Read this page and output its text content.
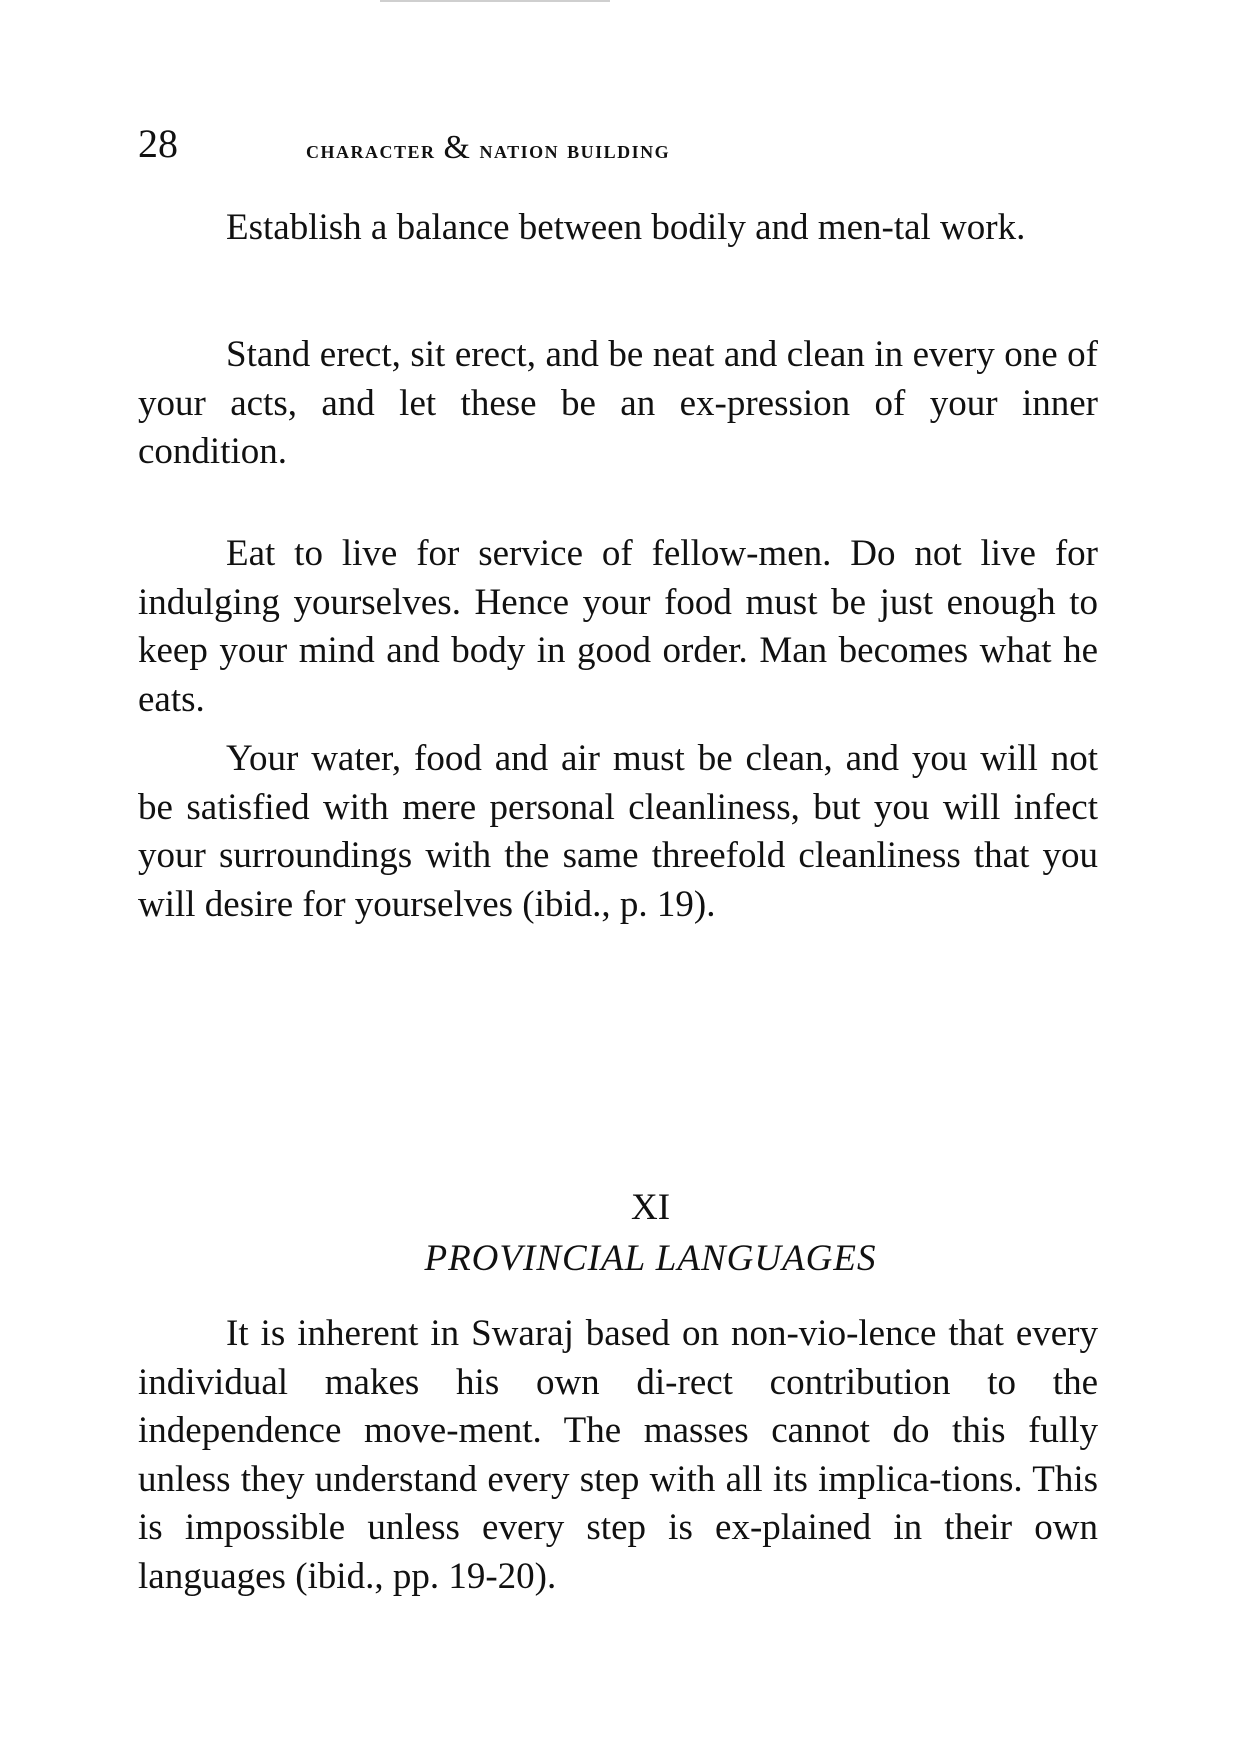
28	character & nation building

Establish a balance between bodily and men-tal work.

Stand erect, sit erect, and be neat and clean in every one of your acts, and let these be an ex-pression of your inner condition.

Eat to live for service of fellow-men. Do not live for indulging yourselves. Hence your food must be just enough to keep your mind and body in good order. Man becomes what he eats.

Your water, food and air must be clean, and you will not be satisfied with mere personal cleanliness, but you will infect your surroundings with the same threefold cleanliness that you will desire for yourselves (ibid., p. 19).

XI
PROVINCIAL LANGUAGES

It is inherent in Swaraj based on non-vio-lence that every individual makes his own di-rect contribution to the independence move-ment. The masses cannot do this fully unless they understand every step with all its implica-tions. This is impossible unless every step is ex-plained in their own languages (ibid., pp. 19-20).
